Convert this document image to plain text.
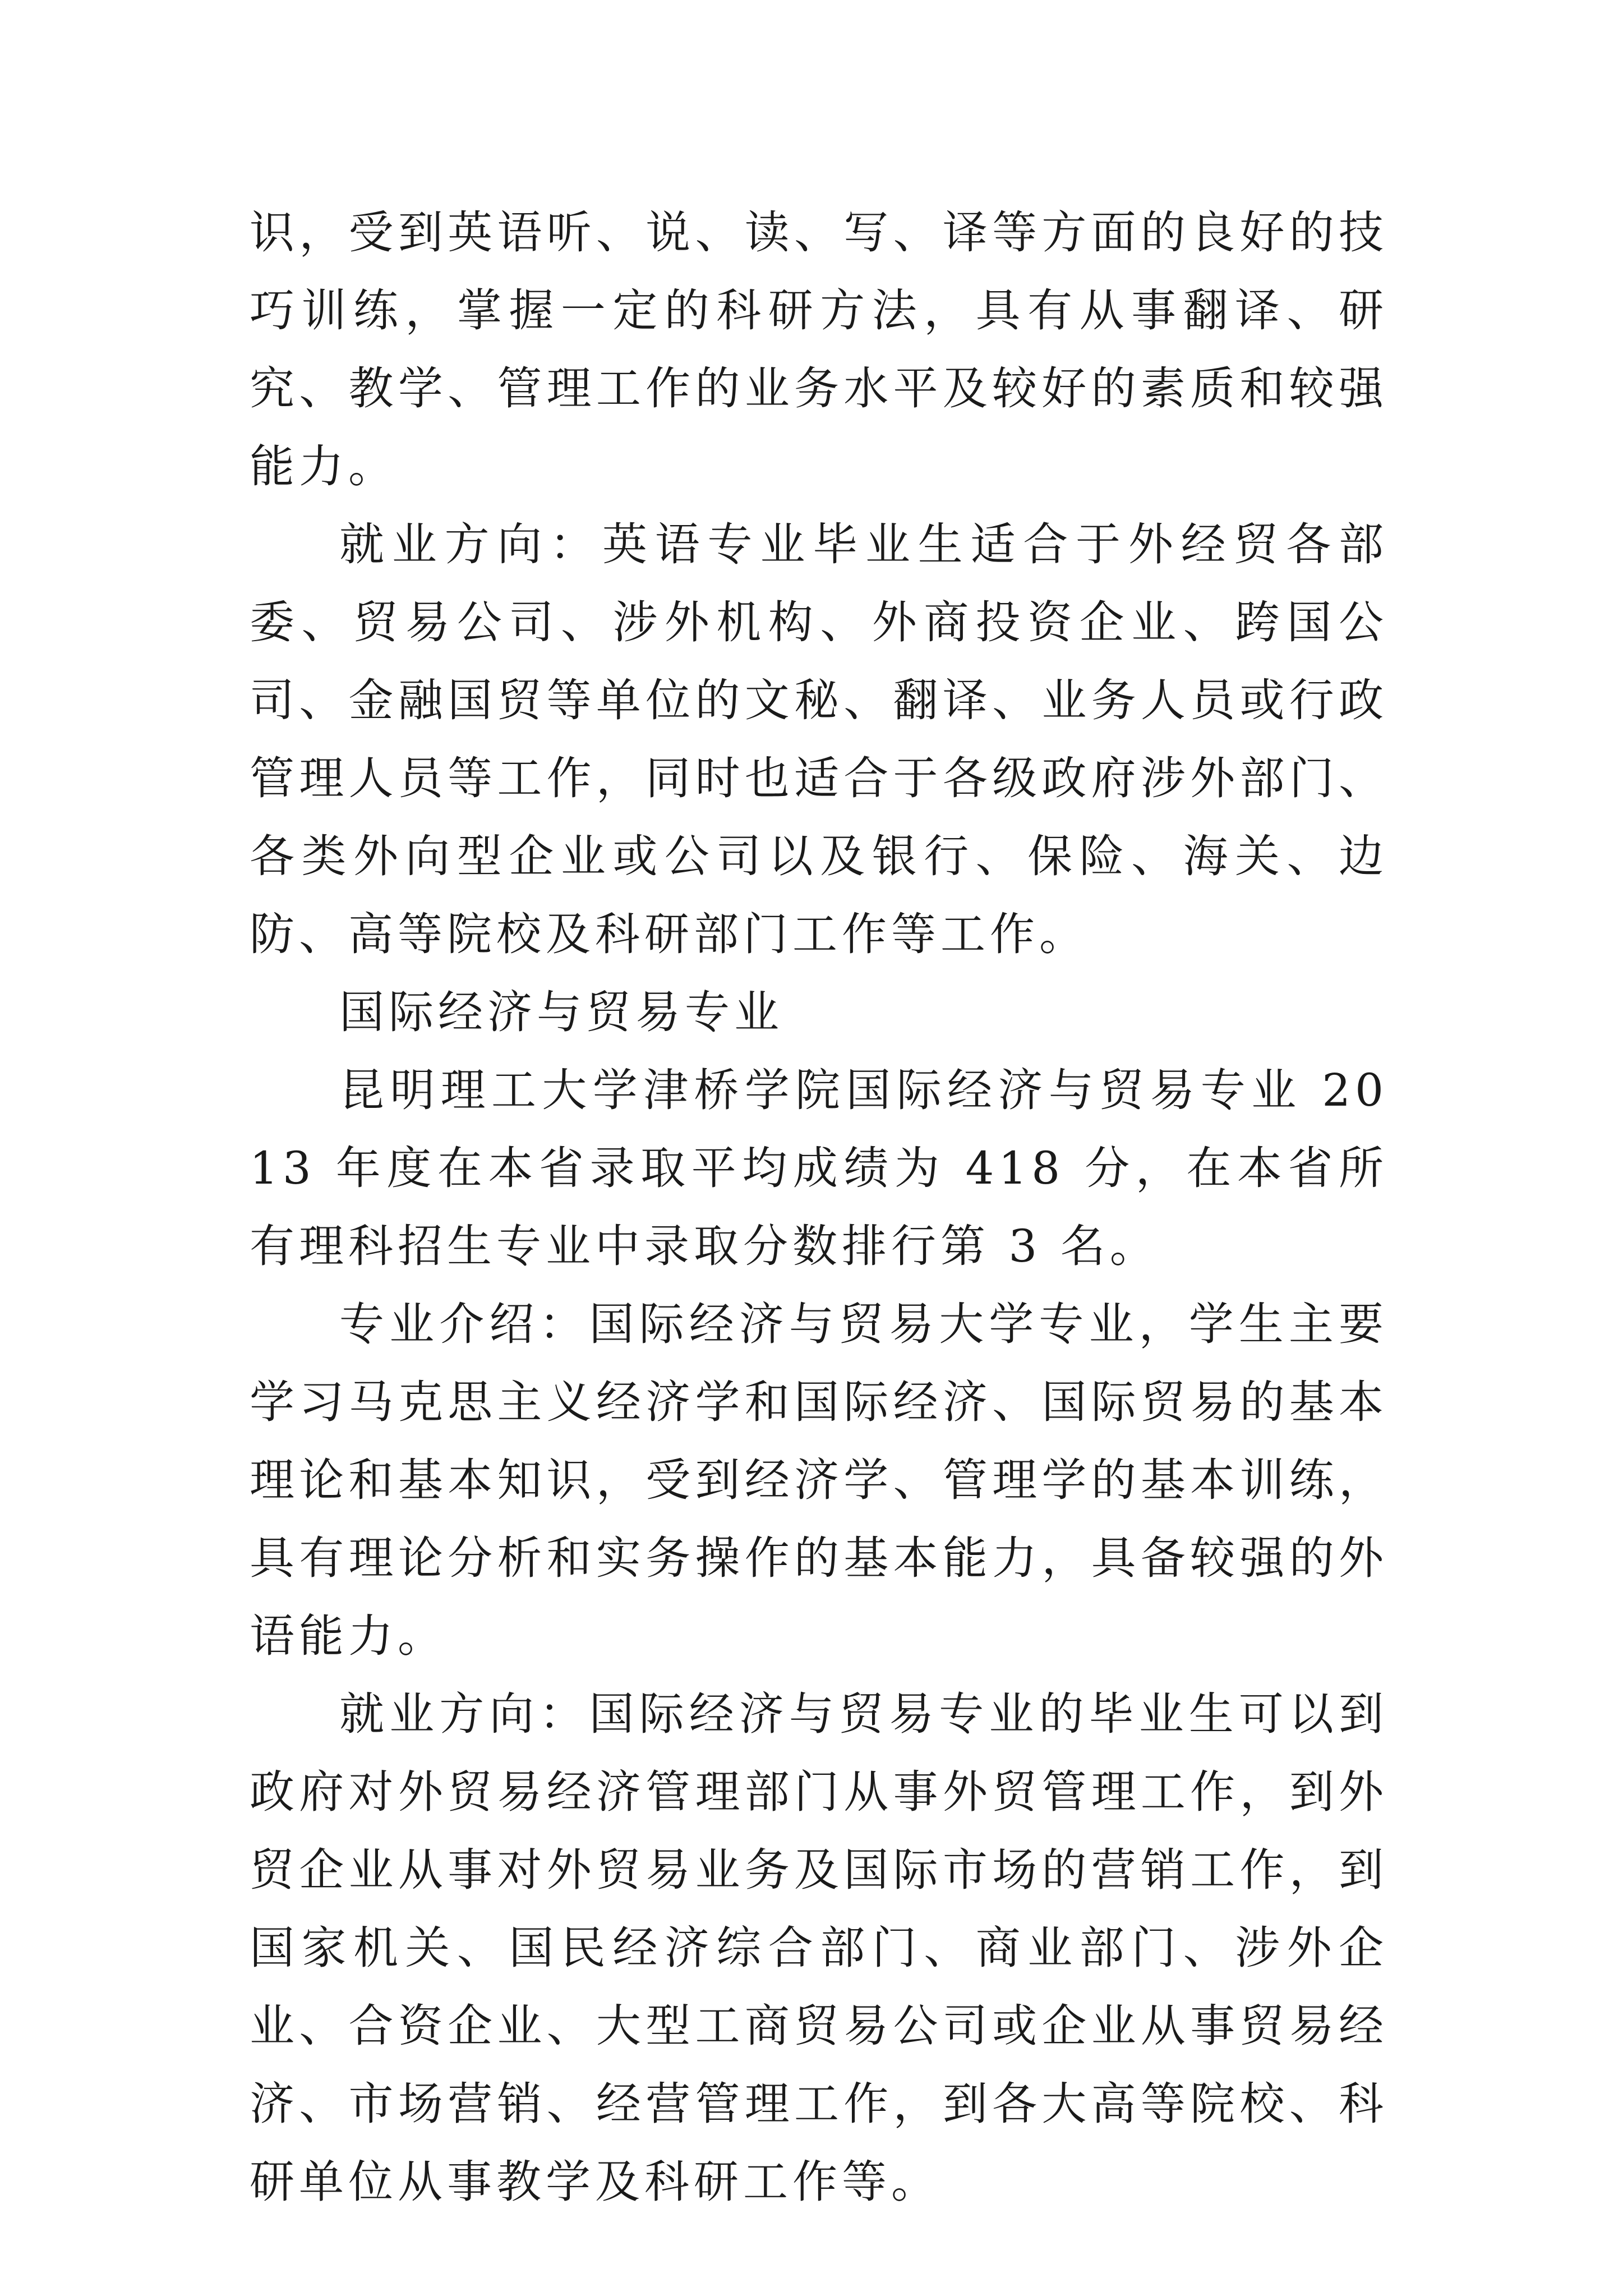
识，受到英语听、说、读、写、译等方面的良好的技巧训练，掌握一定的科研方法，具有从事翻译、研究、教学、管理工作的业务水平及较好的素质和较强能力。

就业方向：英语专业毕业生适合于外经贸各部委、贸易公司、涉外机构、外商投资企业、跨国公司、金融国贸等单位的文秘、翻译、业务人员或行政管理人员等工作，同时也适合于各级政府涉外部门、各类外向型企业或公司以及银行、保险、海关、边防、高等院校及科研部门工作等工作。

国际经济与贸易专业

昆明理工大学津桥学院国际经济与贸易专业 2013 年度在本省录取平均成绩为 418 分，在本省所有理科招生专业中录取分数排行第 3 名。

专业介绍：国际经济与贸易大学专业，学生主要学习马克思主义经济学和国际经济、国际贸易的基本理论和基本知识，受到经济学、管理学的基本训练，具有理论分析和实务操作的基本能力，具备较强的外语能力。

就业方向：国际经济与贸易专业的毕业生可以到政府对外贸易经济管理部门从事外贸管理工作，到外贸企业从事对外贸易业务及国际市场的营销工作，到国家机关、国民经济综合部门、商业部门、涉外企业、合资企业、大型工商贸易公司或企业从事贸易经济、市场营销、经营管理工作，到各大高等院校、科研单位从事教学及科研工作等。
